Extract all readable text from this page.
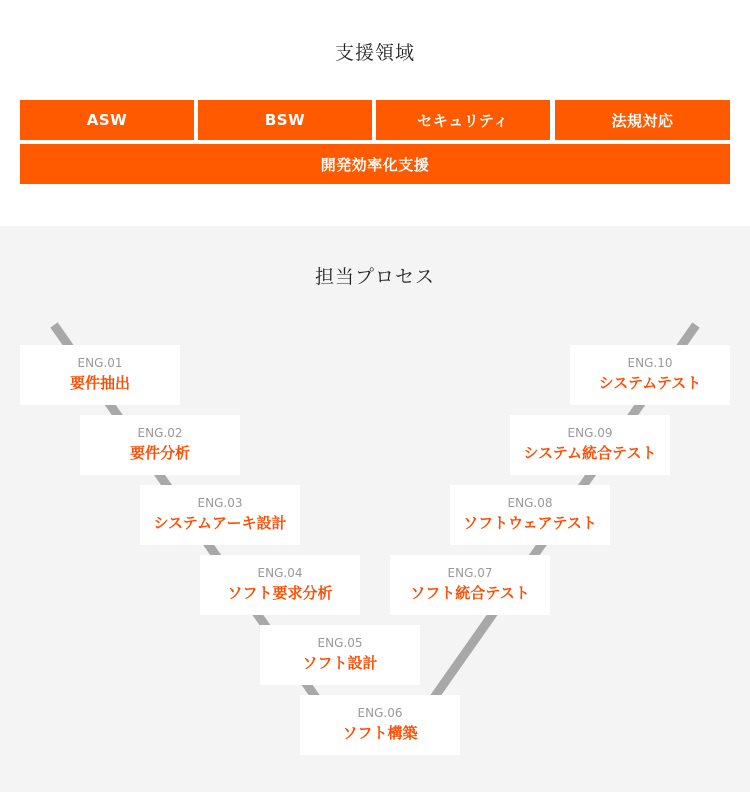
支援領域
ASW	BSW	セキュリティ	法規対応
開発効率化支援
担当プロセス
ENG.01
要件抽出
ENG.02
要件分析
ENG.03
システムアーキ設計
ENG.04
ソフト要求分析
ENG.05
ソフト設計
ENG.06
ソフト構築
ENG.07
ソフト統合テスト
ENG.08
ソフトウェアテスト
ENG.09
システム統合テスト
ENG.10
システムテスト
